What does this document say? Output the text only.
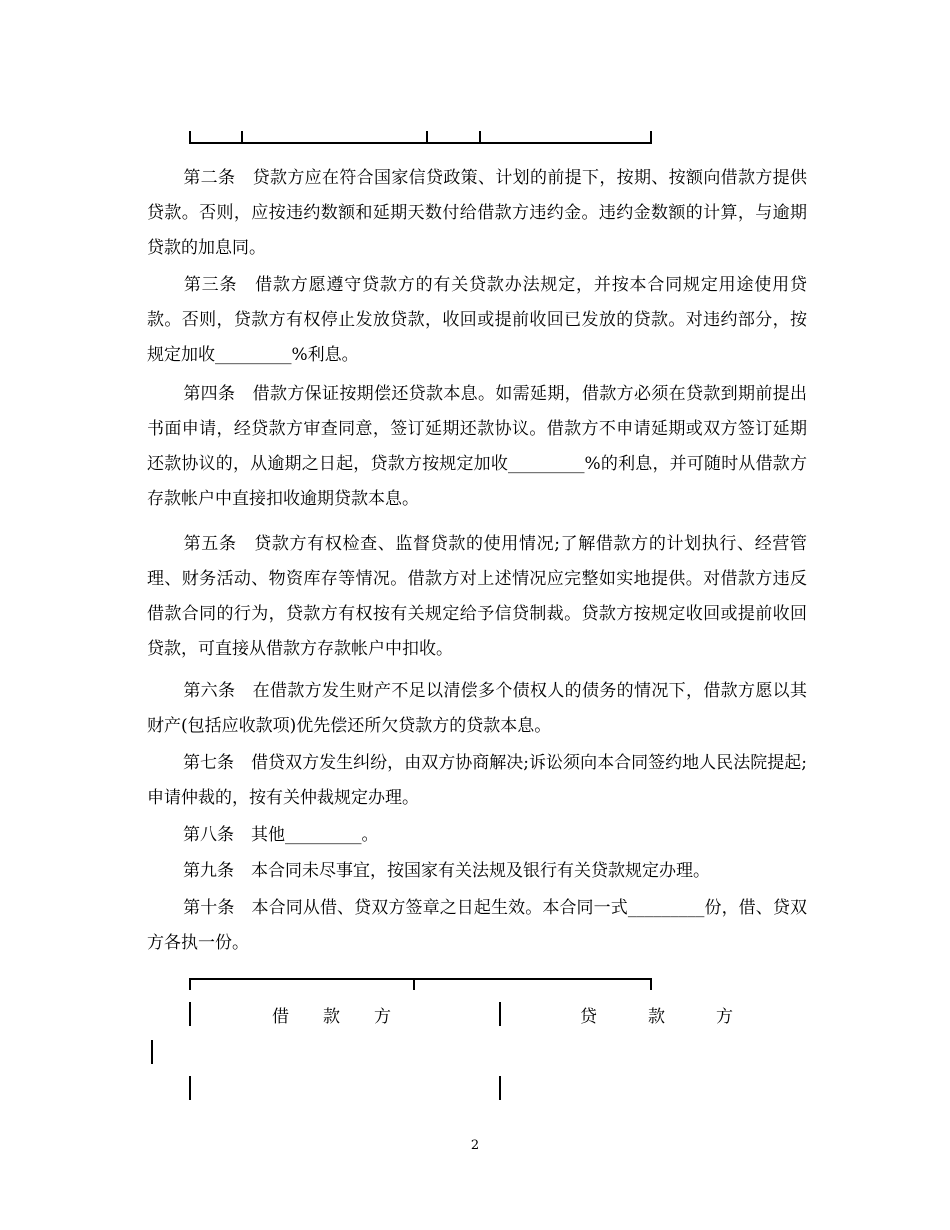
第二条　贷款方应在符合国家信贷政策、计划的前提下，按期、按额向借款方提供贷款。否则，应按违约数额和延期天数付给借款方违约金。违约金数额的计算，与逾期贷款的加息同。

第三条　借款方愿遵守贷款方的有关贷款办法规定，并按本合同规定用途使用贷款。否则，贷款方有权停止发放贷款，收回或提前收回已发放的贷款。对违约部分，按规定加收_________%利息。

第四条　借款方保证按期偿还贷款本息。如需延期，借款方必须在贷款到期前提出书面申请，经贷款方审查同意，签订延期还款协议。借款方不申请延期或双方签订延期还款协议的，从逾期之日起，贷款方按规定加收_________%的利息，并可随时从借款方存款帐户中直接扣收逾期贷款本息。

第五条　贷款方有权检查、监督贷款的使用情况;了解借款方的计划执行、经营管理、财务活动、物资库存等情况。借款方对上述情况应完整如实地提供。对借款方违反借款合同的行为，贷款方有权按有关规定给予信贷制裁。贷款方按规定收回或提前收回贷款，可直接从借款方存款帐户中扣收。

第六条　在借款方发生财产不足以清偿多个债权人的债务的情况下，借款方愿以其财产(包括应收款项)优先偿还所欠贷款方的贷款本息。

第七条　借贷双方发生纠纷，由双方协商解决;诉讼须向本合同签约地人民法院提起;申请仲裁的，按有关仲裁规定办理。

第八条　其他_________。

第九条　本合同未尽事宜，按国家有关法规及银行有关贷款规定办理。

第十条　本合同从借、贷双方签章之日起生效。本合同一式_________份，借、贷双方各执一份。

借　　款　　方	贷　　　款　　　方
2
